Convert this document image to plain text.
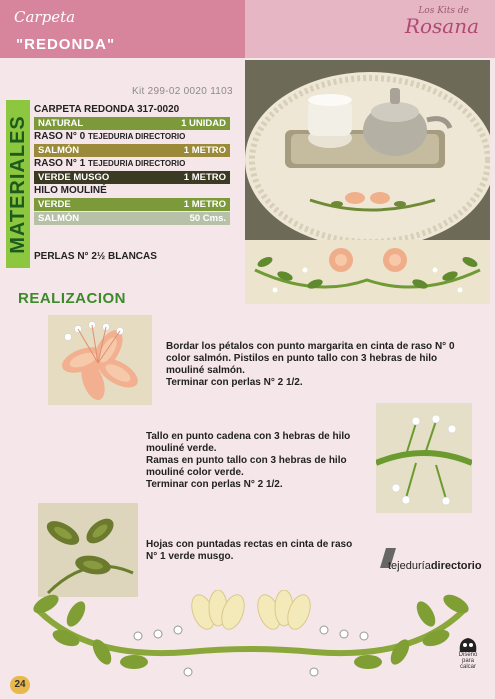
Carpeta
"REDONDA"
Los Kits de
Rosana
Kit 299-02 0020 1103
MATERIALES
CARPETA REDONDA 317-0020
NATURAL	1 UNIDAD
RASO N° 0 TEJEDURIA DIRECTORIO
SALMÓN	1 METRO
RASO N° 1 TEJEDURIA DIRECTORIO
VERDE MUSGO	1 METRO
HILO MOULINÉ
VERDE	1 METRO
SALMÓN	50 Cms.
PERLAS N° 2½ BLANCAS
REALIZACION
Bordar los pétalos con punto margarita en cinta de raso N° 0
color salmón. Pistilos en punto tallo con 3 hebras de hilo
mouliné salmón.
Terminar con perlas N° 2 1/2.
Tallo en punto cadena con 3 hebras de hilo
mouliné verde.
Ramas en punto tallo con 3 hebras de hilo
mouliné color verde.
Terminar con perlas N° 2 1/2.
Hojas con puntadas rectas en cinta de raso
N° 1 verde musgo.
tejeduríadirectorio
24
Diseño
para
calcar
